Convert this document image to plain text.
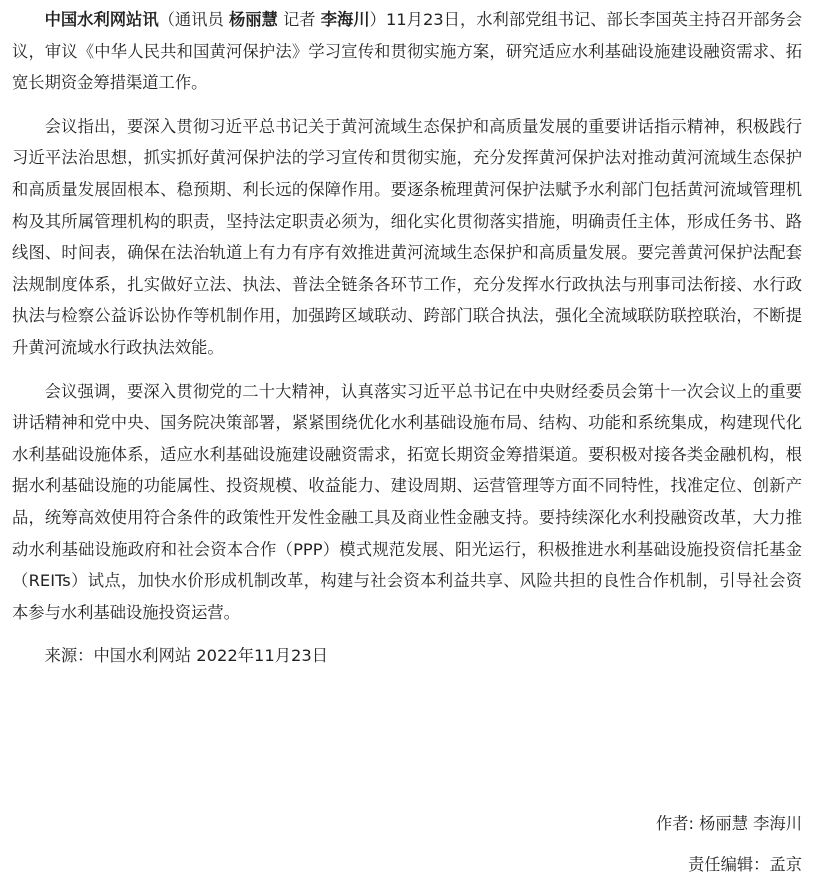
中国水利网站讯（通讯员 杨丽慧 记者 李海川）11月23日，水利部党组书记、部长李国英主持召开部务会议，审议《中华人民共和国黄河保护法》学习宣传和贯彻实施方案，研究适应水利基础设施建设融资需求、拓宽长期资金筹措渠道工作。

会议指出，要深入贯彻习近平总书记关于黄河流域生态保护和高质量发展的重要讲话指示精神，积极践行习近平法治思想，抓实抓好黄河保护法的学习宣传和贯彻实施，充分发挥黄河保护法对推动黄河流域生态保护和高质量发展固根本、稳预期、利长远的保障作用。要逐条梳理黄河保护法赋予水利部门包括黄河流域管理机构及其所属管理机构的职责，坚持法定职责必须为，细化实化贯彻落实措施，明确责任主体，形成任务书、路线图、时间表，确保在法治轨道上有力有序有效推进黄河流域生态保护和高质量发展。要完善黄河保护法配套法规制度体系，扎实做好立法、执法、普法全链条各环节工作，充分发挥水行政执法与刑事司法衔接、水行政执法与检察公益诉讼协作等机制作用，加强跨区域联动、跨部门联合执法，强化全流域联防联控联治，不断提升黄河流域水行政执法效能。

会议强调，要深入贯彻党的二十大精神，认真落实习近平总书记在中央财经委员会第十一次会议上的重要讲话精神和党中央、国务院决策部署，紧紧围绕优化水利基础设施布局、结构、功能和系统集成，构建现代化水利基础设施体系，适应水利基础设施建设融资需求，拓宽长期资金筹措渠道。要积极对接各类金融机构，根据水利基础设施的功能属性、投资规模、收益能力、建设周期、运营管理等方面不同特性，找准定位、创新产品，统筹高效使用符合条件的政策性开发性金融工具及商业性金融支持。要持续深化水利投融资改革，大力推动水利基础设施政府和社会资本合作（PPP）模式规范发展、阳光运行，积极推进水利基础设施投资信托基金（REITs）试点，加快水价形成机制改革，构建与社会资本利益共享、风险共担的良性合作机制，引导社会资本参与水利基础设施投资运营。

来源：中国水利网站 2022年11月23日

作者: 杨丽慧 李海川
责任编辑：孟京
